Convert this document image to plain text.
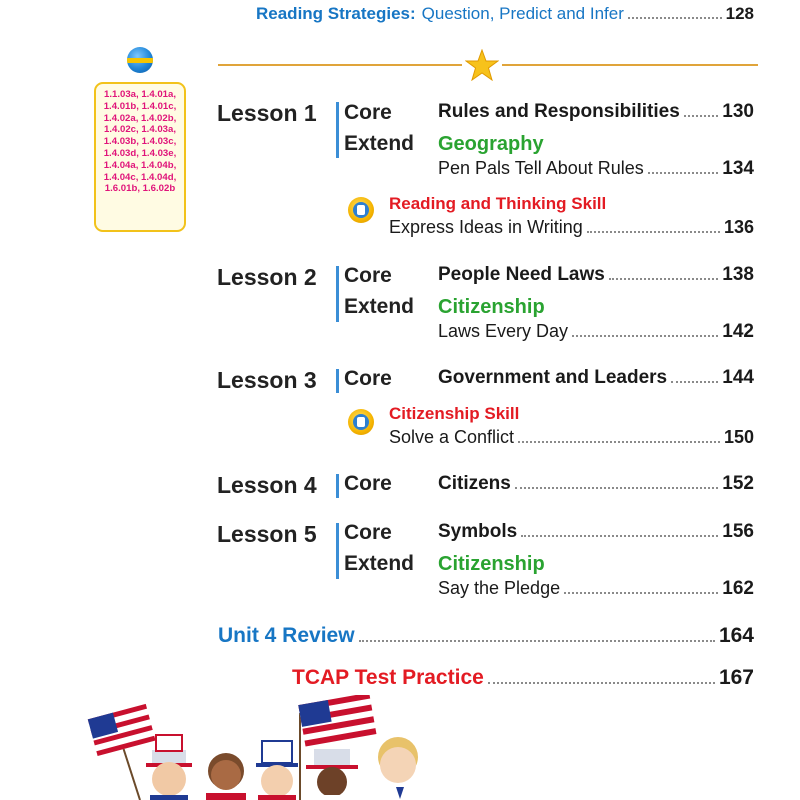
Reading Strategies: Question, Predict and Infer	128
1.1.03a, 1.4.01a,
1.4.01b, 1.4.01c,
1.4.02a, 1.4.02b,
1.4.02c, 1.4.03a,
1.4.03b, 1.4.03c,
1.4.03d, 1.4.03e,
1.4.04a, 1.4.04b,
1.4.04c, 1.4.04d,
1.6.01b, 1.6.02b
Lesson 1 Core Rules and Responsibilities 130
Extend Geography
Pen Pals Tell About Rules	134
Reading and Thinking Skill
Express Ideas in Writing	136
Lesson 2 Core People Need Laws	138
Extend Citizenship
Laws Every Day	142
Lesson 3 Core Government and Leaders	144
Citizenship Skill
Solve a Conflict	150
Lesson 4 Core Citizens	152
Lesson 5 Core Symbols	156
Extend Citizenship
Say the Pledge	162
Unit 4 Review	164
TCAP Test Practice	167
